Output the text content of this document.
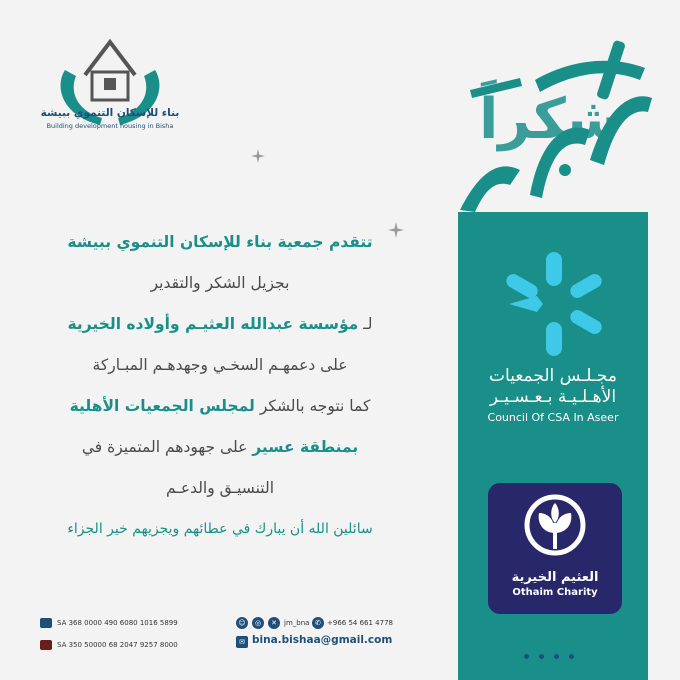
شكراً
بناء للإسكان التنموي ببيشة
Building development housing in Bisha
تتقدم جمعية بناء للإسكان التنموي ببيشة
بجزيل الشكر والتقدير
لـ مؤسسة عبدالله العثيـم وأولاده الخيرية
على دعمهـم السخـي وجهدهـم المبـاركة
كما نتوجه بالشكر لمجلس الجمعيات الأهلية
بمنطقة عسير على جهودهم المتميزة في
التنسيـق والدعـم
سائلين الله أن يبارك في عطائهم ويجزيهم خير الجزاء
مجـلـس الجمعيات
الأهـلـيـة بـعـسـيـر
Council Of CSA In Aseer
العثيم الخيرية
Othaim Charity
SA 368 0000 490 6080 1016 5899
SA 350 50000 68 2047 9257 8000
☺	◎	✕	jm_bna ✆ +966 54 661 4778
✉ bina.bishaa@gmail.com
